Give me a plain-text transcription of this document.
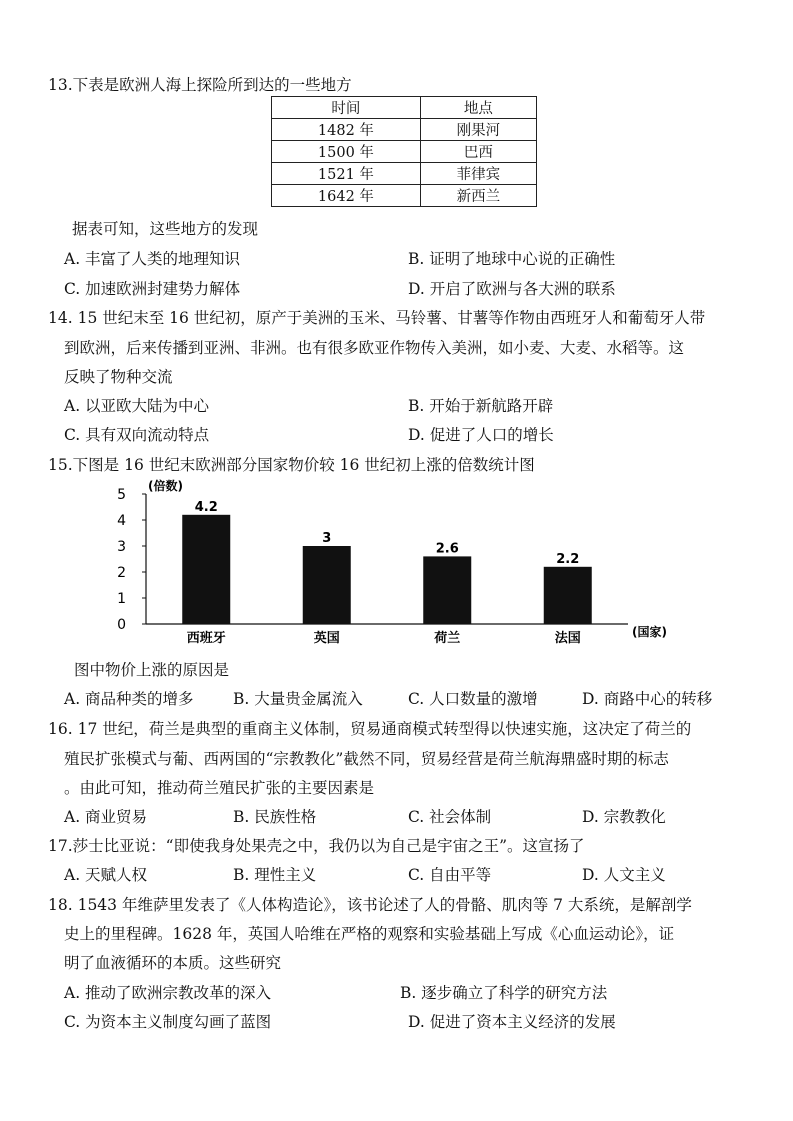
13.下表是欧洲人海上探险所到达的一些地方
时间	地点
1482 年	刚果河
1500 年	巴西
1521 年	菲律宾
1642 年	新西兰
据表可知，这些地方的发现
A. 丰富了人类的地理知识	B. 证明了地球中心说的正确性
C. 加速欧洲封建势力解体	D. 开启了欧洲与各大洲的联系
14. 15 世纪末至 16 世纪初，原产于美洲的玉米、马铃薯、甘薯等作物由西班牙人和葡萄牙人带
到欧洲，后来传播到亚洲、非洲。也有很多欧亚作物传入美洲，如小麦、大麦、水稻等。这
反映了物种交流
A. 以亚欧大陆为中心	B. 开始于新航路开辟
C. 具有双向流动特点	D. 促进了人口的增长
15.下图是 16 世纪末欧洲部分国家物价较 16 世纪初上涨的倍数统计图
(倍数)
(国家)
0
1
2
3
4
5
4.2
3
2.6
2.2
西班牙	英国	荷兰	法国
图中物价上涨的原因是
A. 商品种类的增多	B. 大量贵金属流入	C. 人口数量的激增	D. 商路中心的转移
16. 17 世纪，荷兰是典型的重商主义体制，贸易通商模式转型得以快速实施，这决定了荷兰的
殖民扩张模式与葡、西两国的“宗教教化”截然不同，贸易经营是荷兰航海鼎盛时期的标志
。由此可知，推动荷兰殖民扩张的主要因素是
A. 商业贸易	B. 民族性格	C. 社会体制	D. 宗教教化
17.莎士比亚说：“即使我身处果壳之中，我仍以为自己是宇宙之王”。这宣扬了
A. 天赋人权	B. 理性主义	C. 自由平等	D. 人文主义
18. 1543 年维萨里发表了《人体构造论》，该书论述了人的骨骼、肌肉等 7 大系统，是解剖学
史上的里程碑。1628 年，英国人哈维在严格的观察和实验基础上写成《心血运动论》，证
明了血液循环的本质。这些研究
A. 推动了欧洲宗教改革的深入	B. 逐步确立了科学的研究方法
C. 为资本主义制度勾画了蓝图	D. 促进了资本主义经济的发展
